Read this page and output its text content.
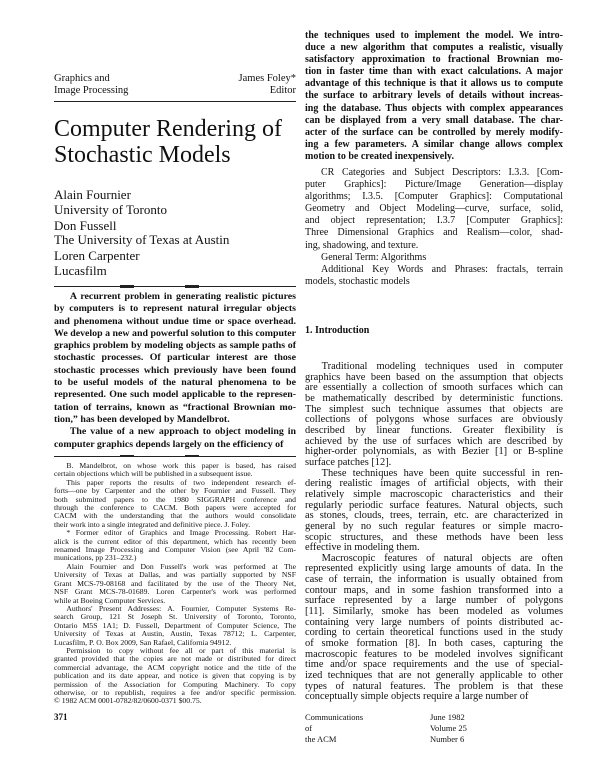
Graphics and
Image Processing
James Foley*
Editor
Computer Rendering of
Stochastic Models
Alain Fournier
University of Toronto
Don Fussell
The University of Texas at Austin
Loren Carpenter
Lucasfilm
A recurrent problem in generating realistic pictures
by computers is to represent natural irregular objects
and phenomena without undue time or space overhead.
We develop a new and powerful solution to this computer
graphics problem by modeling objects as sample paths of
stochastic processes. Of particular interest are those
stochastic processes which previously have been found
to be useful models of the natural phenomena to be
represented. One such model applicable to the represen-
tation of terrains, known as “fractional Brownian mo-
tion,” has been developed by Mandelbrot.
The value of a new approach to object modeling in
computer graphics depends largely on the efficiency of
B. Mandelbrot, on whose work this paper is based, has raised
certain objections which will be published in a subsequent issue.
This paper reports the results of two independent research ef-
forts—one by Carpenter and the other by Fournier and Fussell. They
both submitted papers to the 1980 SIGGRAPH conference and
through the conference to CACM. Both papers were accepted for
CACM with the understanding that the authors would consolidate
their work into a single integrated and definitive piece. J. Foley.
* Former editor of Graphics and Image Processing. Robert Har-
alick is the current editor of this department, which has recently been
renamed Image Processing and Computer Vision (see April '82 Com-
munications, pp 231–232.)
Alain Fournier and Don Fussell's work was performed at The
University of Texas at Dallas, and was partially supported by NSF
Grant MCS-79-08168 and facilitated by the use of the Theory Net,
NSF Grant MCS-78-01689. Loren Carpenter's work was performed
while at Boeing Computer Services.
Authors' Present Addresses: A. Fournier, Computer Systems Re-
search Group, 121 St Joseph St. University of Toronto, Toronto,
Ontario M5S 1A1; D. Fussell, Department of Computer Science, The
University of Texas at Austin, Austin, Texas 78712; L. Carpenter,
Lucasfilm, P. O. Box 2009, San Rafael, California 94912.
Permission to copy without fee all or part of this material is
granted provided that the copies are not made or distributed for direct
commercial advantage, the ACM copyright notice and the title of the
publication and its date appear, and notice is given that copying is by
permission of the Association for Computing Machinery. To copy
otherwise, or to republish, requires a fee and/or specific permission.
© 1982 ACM 0001-0782/82/0600-0371 $00.75.
371
the techniques used to implement the model. We intro-
duce a new algorithm that computes a realistic, visually
satisfactory approximation to fractional Brownian mo-
tion in faster time than with exact calculations. A major
advantage of this technique is that it allows us to compute
the surface to arbitrary levels of details without increas-
ing the database. Thus objects with complex appearances
can be displayed from a very small database. The char-
acter of the surface can be controlled by merely modify-
ing a few parameters. A similar change allows complex
motion to be created inexpensively.
CR Categories and Subject Descriptors: I.3.3. [Com-
puter Graphics]: Picture/Image Generation—display
algorithms; I.3.5. [Computer Graphics]: Computational
Geometry and Object Modeling—curve, surface, solid,
and object representation; I.3.7 [Computer Graphics]:
Three Dimensional Graphics and Realism—color, shad-
ing, shadowing, and texture.
General Term: Algorithms
Additional Key Words and Phrases: fractals, terrain
models, stochastic models
1. Introduction
Traditional modeling techniques used in computer
graphics have been based on the assumption that objects
are essentially a collection of smooth surfaces which can
be mathematically described by deterministic functions.
The simplest such technique assumes that objects are
collections of polygons whose surfaces are obviously
described by linear functions. Greater flexibility is
achieved by the use of surfaces which are described by
higher-order polynomials, as with Bezier [1] or B-spline
surface patches [12].
These techniques have been quite successful in ren-
dering realistic images of artificial objects, with their
relatively simple macroscopic characteristics and their
regularly periodic surface features. Natural objects, such
as stones, clouds, trees, terrain, etc. are characterized in
general by no such regular features or simple macro-
scopic structures, and these methods have been less
effective in modeling them.
Macroscopic features of natural objects are often
represented explicitly using large amounts of data. In the
case of terrain, the information is usually obtained from
contour maps, and in some fashion transformed into a
surface represented by a large number of polygons
[11]. Similarly, smoke has been modeled as volumes
containing very large numbers of points distributed ac-
cording to certain theoretical functions used in the study
of smoke formation [8]. In both cases, capturing the
macroscopic features to be modeled involves significant
time and/or space requirements and the use of special-
ized techniques that are not generally applicable to other
types of natural features. The problem is that these
conceptually simple objects require a large number of
Communications
of
the ACM
June 1982
Volume 25
Number 6
